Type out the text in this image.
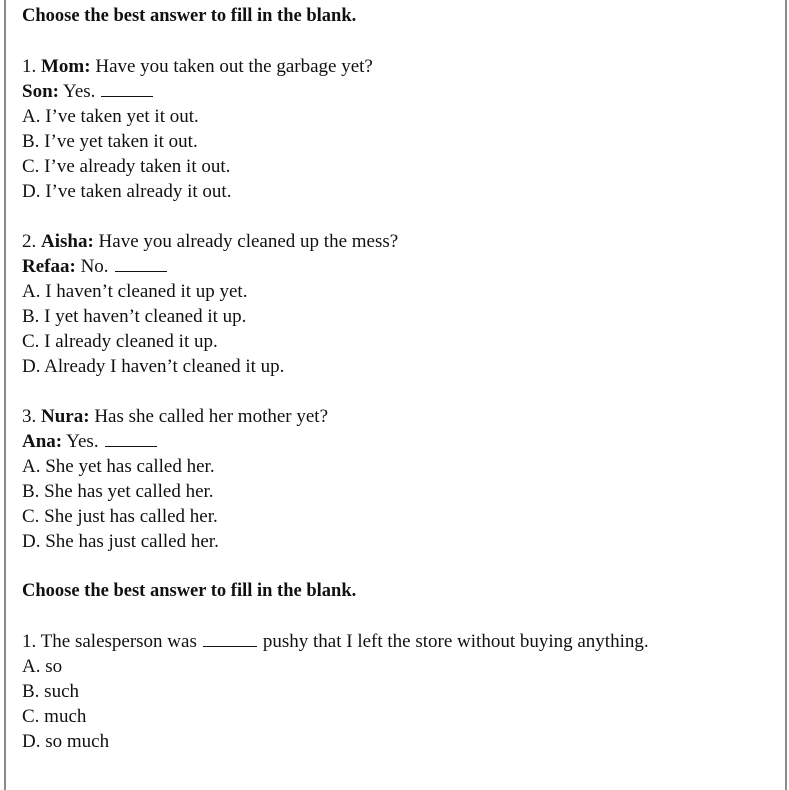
Choose the best answer to fill in the blank.
1. Mom: Have you taken out the garbage yet?
Son: Yes.
A. I’ve taken yet it out.
B. I’ve yet taken it out.
C. I’ve already taken it out.
D. I’ve taken already it out.
2. Aisha: Have you already cleaned up the mess?
Refaa: No.
A. I haven’t cleaned it up yet.
B. I yet haven’t cleaned it up.
C. I already cleaned it up.
D. Already I haven’t cleaned it up.
3. Nura: Has she called her mother yet?
Ana: Yes.
A. She yet has called her.
B. She has yet called her.
C. She just has called her.
D. She has just called her.
Choose the best answer to fill in the blank.
1. The salesperson was	pushy that I left the store without buying anything.
A. so
B. such
C. much
D. so much
